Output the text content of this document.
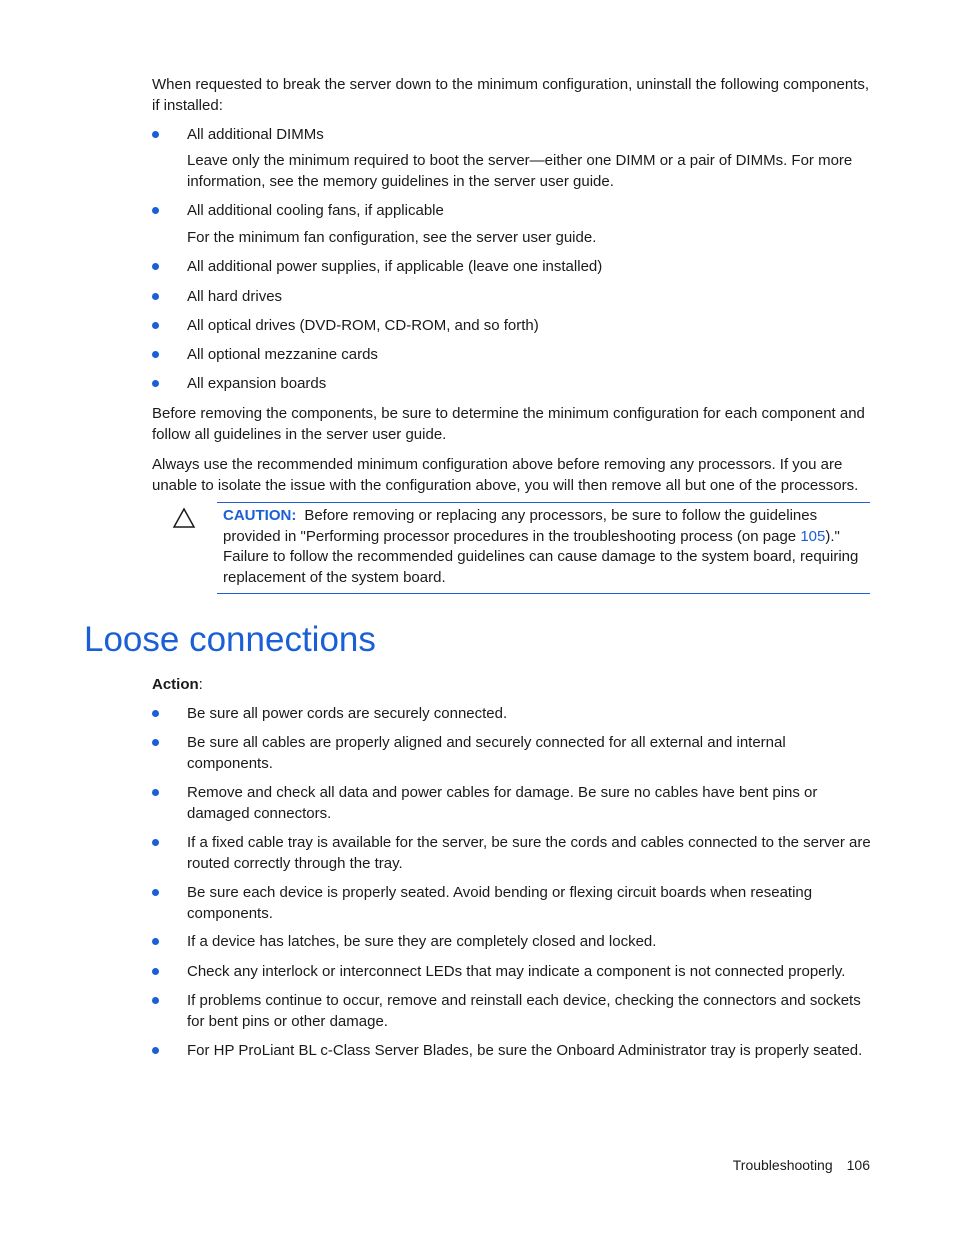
When requested to break the server down to the minimum configuration, uninstall the following components, if installed:
All additional DIMMs
Leave only the minimum required to boot the server—either one DIMM or a pair of DIMMs. For more information, see the memory guidelines in the server user guide.
All additional cooling fans, if applicable
For the minimum fan configuration, see the server user guide.
All additional power supplies, if applicable (leave one installed)
All hard drives
All optical drives (DVD-ROM, CD-ROM, and so forth)
All optional mezzanine cards
All expansion boards
Before removing the components, be sure to determine the minimum configuration for each component and follow all guidelines in the server user guide.
Always use the recommended minimum configuration above before removing any processors. If you are unable to isolate the issue with the configuration above, you will then remove all but one of the processors.
CAUTION: Before removing or replacing any processors, be sure to follow the guidelines provided in "Performing processor procedures in the troubleshooting process (on page 105)." Failure to follow the recommended guidelines can cause damage to the system board, requiring replacement of the system board.
Loose connections
Action:
Be sure all power cords are securely connected.
Be sure all cables are properly aligned and securely connected for all external and internal components.
Remove and check all data and power cables for damage. Be sure no cables have bent pins or damaged connectors.
If a fixed cable tray is available for the server, be sure the cords and cables connected to the server are routed correctly through the tray.
Be sure each device is properly seated. Avoid bending or flexing circuit boards when reseating components.
If a device has latches, be sure they are completely closed and locked.
Check any interlock or interconnect LEDs that may indicate a component is not connected properly.
If problems continue to occur, remove and reinstall each device, checking the connectors and sockets for bent pins or other damage.
For HP ProLiant BL c-Class Server Blades, be sure the Onboard Administrator tray is properly seated.
Troubleshooting 106
